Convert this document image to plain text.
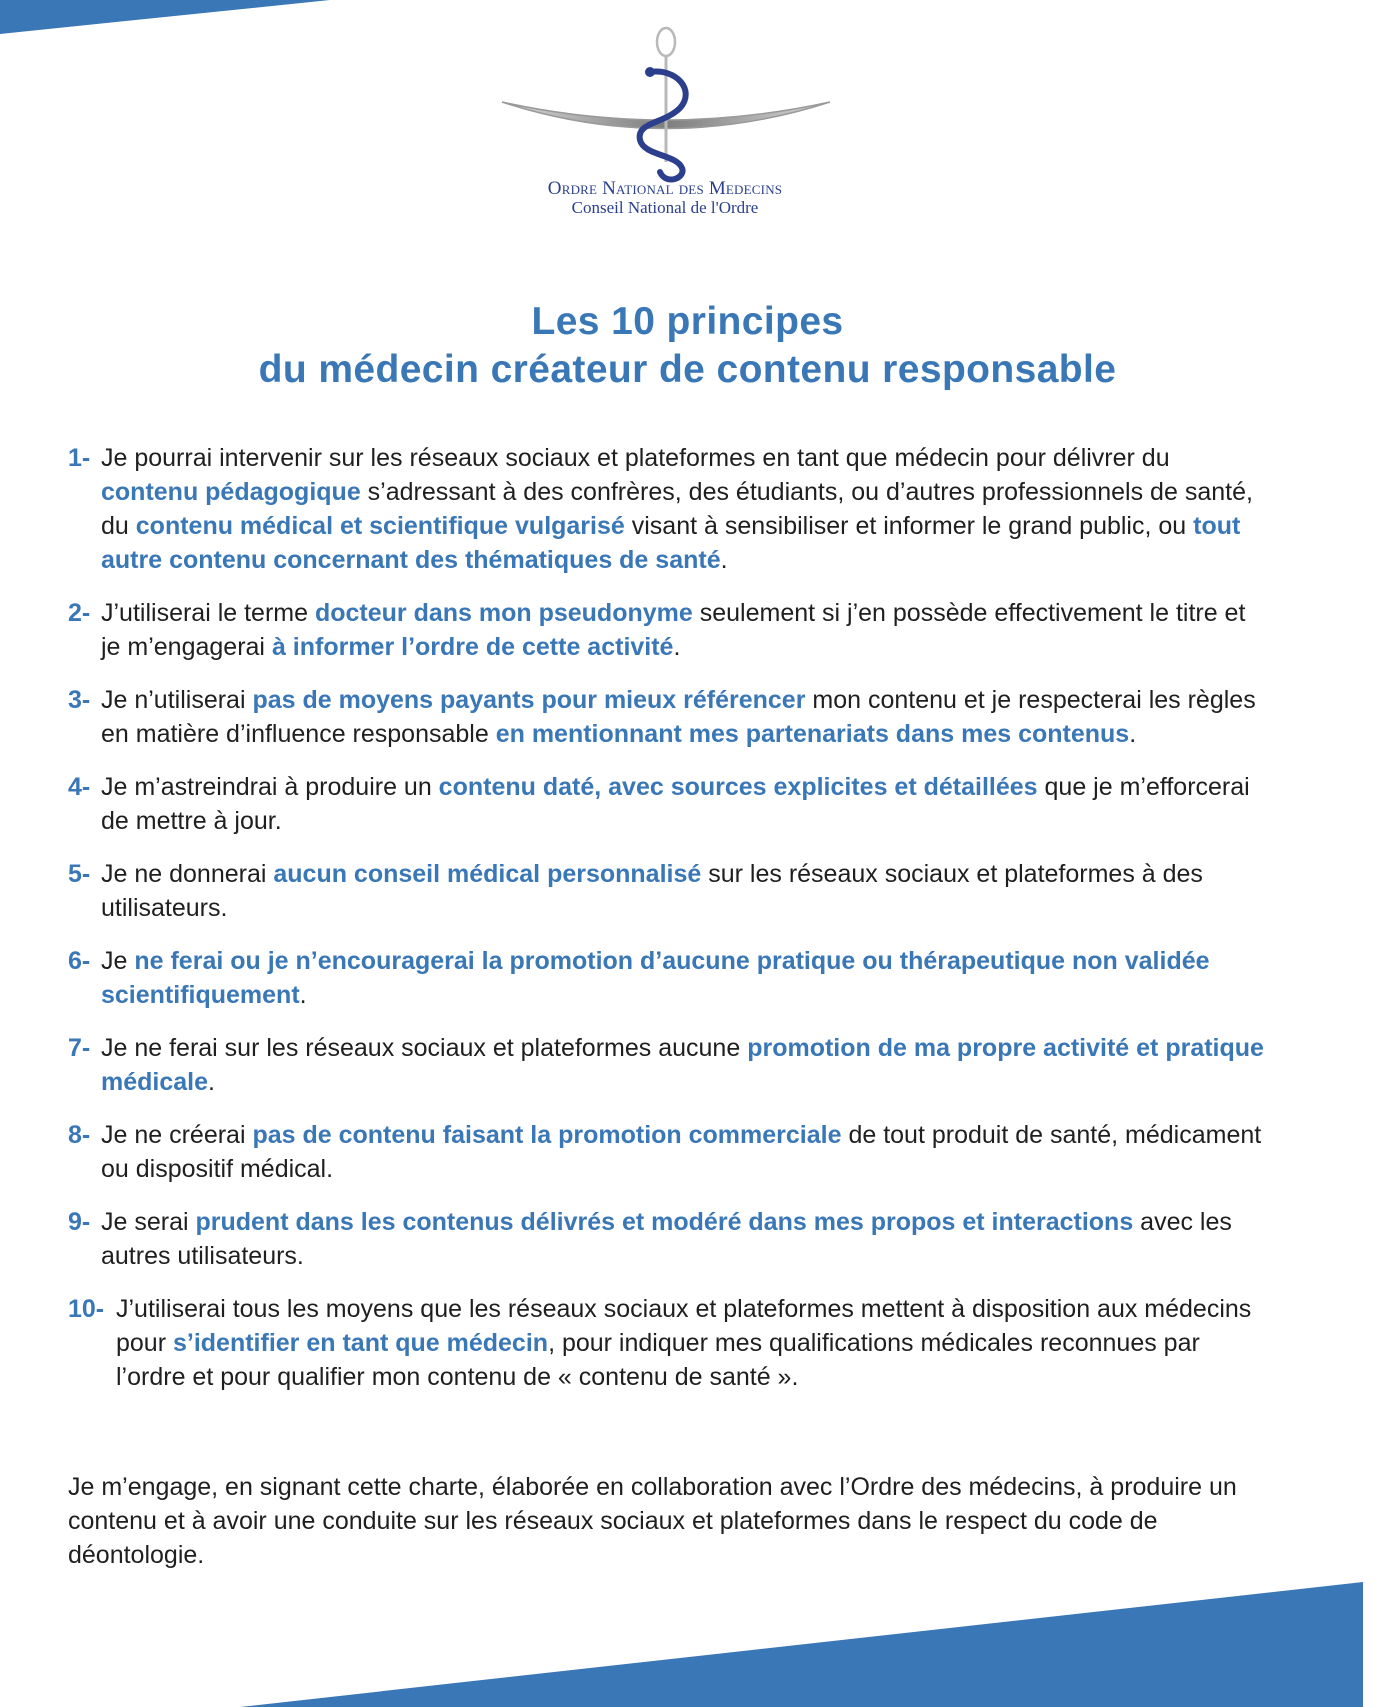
Ordre National des Medecins
Conseil National de l'Ordre
Les 10 principes
du médecin créateur de contenu responsable
1- Je pourrai intervenir sur les réseaux sociaux et plateformes en tant que médecin pour délivrer du contenu pédagogique s’adressant à des confrères, des étudiants, ou d’autres professionnels de santé, du contenu médical et scientifique vulgarisé visant à sensibiliser et informer le grand public, ou tout autre contenu concernant des thématiques de santé.
2- J’utiliserai le terme docteur dans mon pseudonyme seulement si j’en possède effectivement le titre et je m’engagerai à informer l’ordre de cette activité.
3- Je n’utiliserai pas de moyens payants pour mieux référencer mon contenu et je respecterai les règles en matière d’influence responsable en mentionnant mes partenariats dans mes contenus.
4- Je m’astreindrai à produire un contenu daté, avec sources explicites et détaillées que je m’efforcerai de mettre à jour.
5- Je ne donnerai aucun conseil médical personnalisé sur les réseaux sociaux et plateformes à des utilisateurs.
6- Je ne ferai ou je n’encouragerai la promotion d’aucune pratique ou thérapeutique non validée scientifiquement.
7- Je ne ferai sur les réseaux sociaux et plateformes aucune promotion de ma propre activité et pratique médicale.
8- Je ne créerai pas de contenu faisant la promotion commerciale de tout produit de santé, médicament ou dispositif médical.
9- Je serai prudent dans les contenus délivrés et modéré dans mes propos et interactions avec les autres utilisateurs.
10- J’utiliserai tous les moyens que les réseaux sociaux et plateformes mettent à disposition aux médecins pour s’identifier en tant que médecin, pour indiquer mes qualifications médicales reconnues par l’ordre et pour qualifier mon contenu de « contenu de santé ».
Je m’engage, en signant cette charte, élaborée en collaboration avec l’Ordre des médecins, à produire un contenu et à avoir une conduite sur les réseaux sociaux et plateformes dans le respect du code de déontologie.
